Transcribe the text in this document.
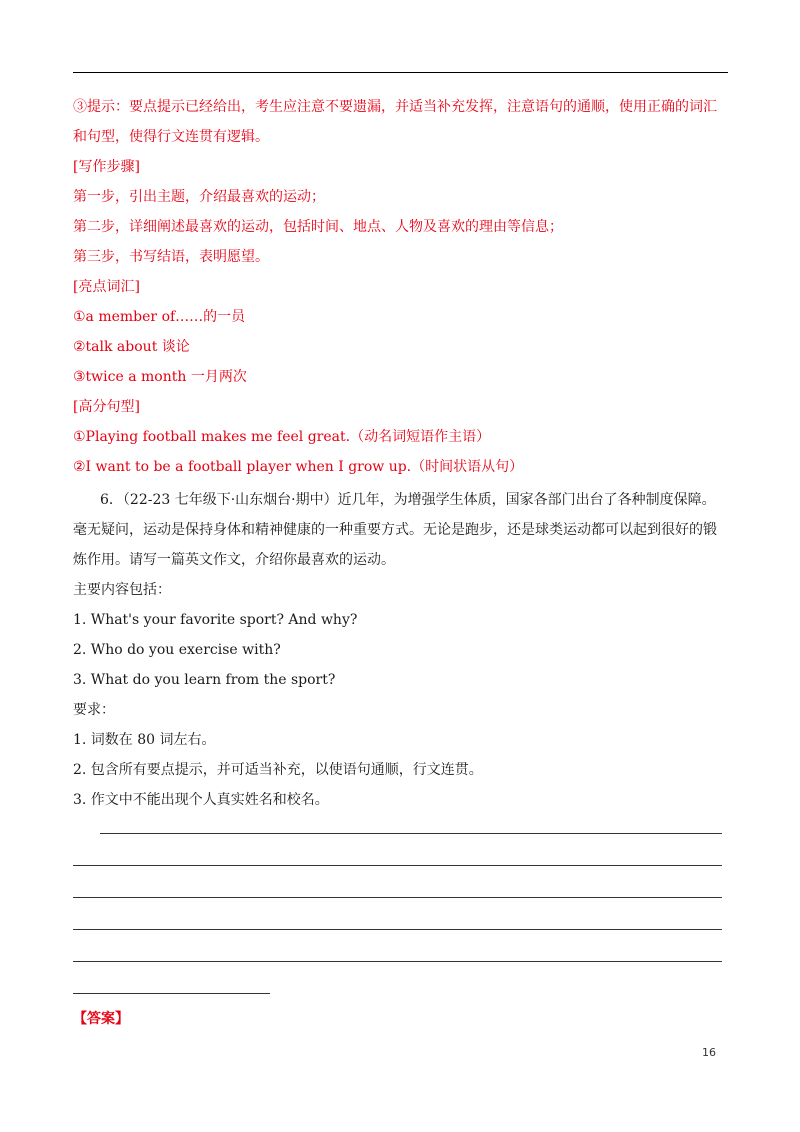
③提示：要点提示已经给出，考生应注意不要遗漏，并适当补充发挥，注意语句的通顺，使用正确的词汇
和句型，使得行文连贯有逻辑。
[写作步骤]
第一步，引出主题，介绍最喜欢的运动；
第二步，详细阐述最喜欢的运动，包括时间、地点、人物及喜欢的理由等信息；
第三步，书写结语，表明愿望。
[亮点词汇]
①a member of……的一员
②talk about 谈论
③twice a month 一月两次
[高分句型]
①Playing football makes me feel great.（动名词短语作主语）
②I want to be a football player when I grow up.（时间状语从句）
6．（22-23 七年级下·山东烟台·期中）近几年，为增强学生体质，国家各部门出台了各种制度保障。
毫无疑问，运动是保持身体和精神健康的一种重要方式。无论是跑步，还是球类运动都可以起到很好的锻
炼作用。请写一篇英文作文，介绍你最喜欢的运动。
主要内容包括：
1. What's your favorite sport? And why?
2. Who do you exercise with?
3. What do you learn from the sport?
要求：
1. 词数在 80 词左右。
2. 包含所有要点提示，并可适当补充，以使语句通顺，行文连贯。
3. 作文中不能出现个人真实姓名和校名。
【答案】
16
